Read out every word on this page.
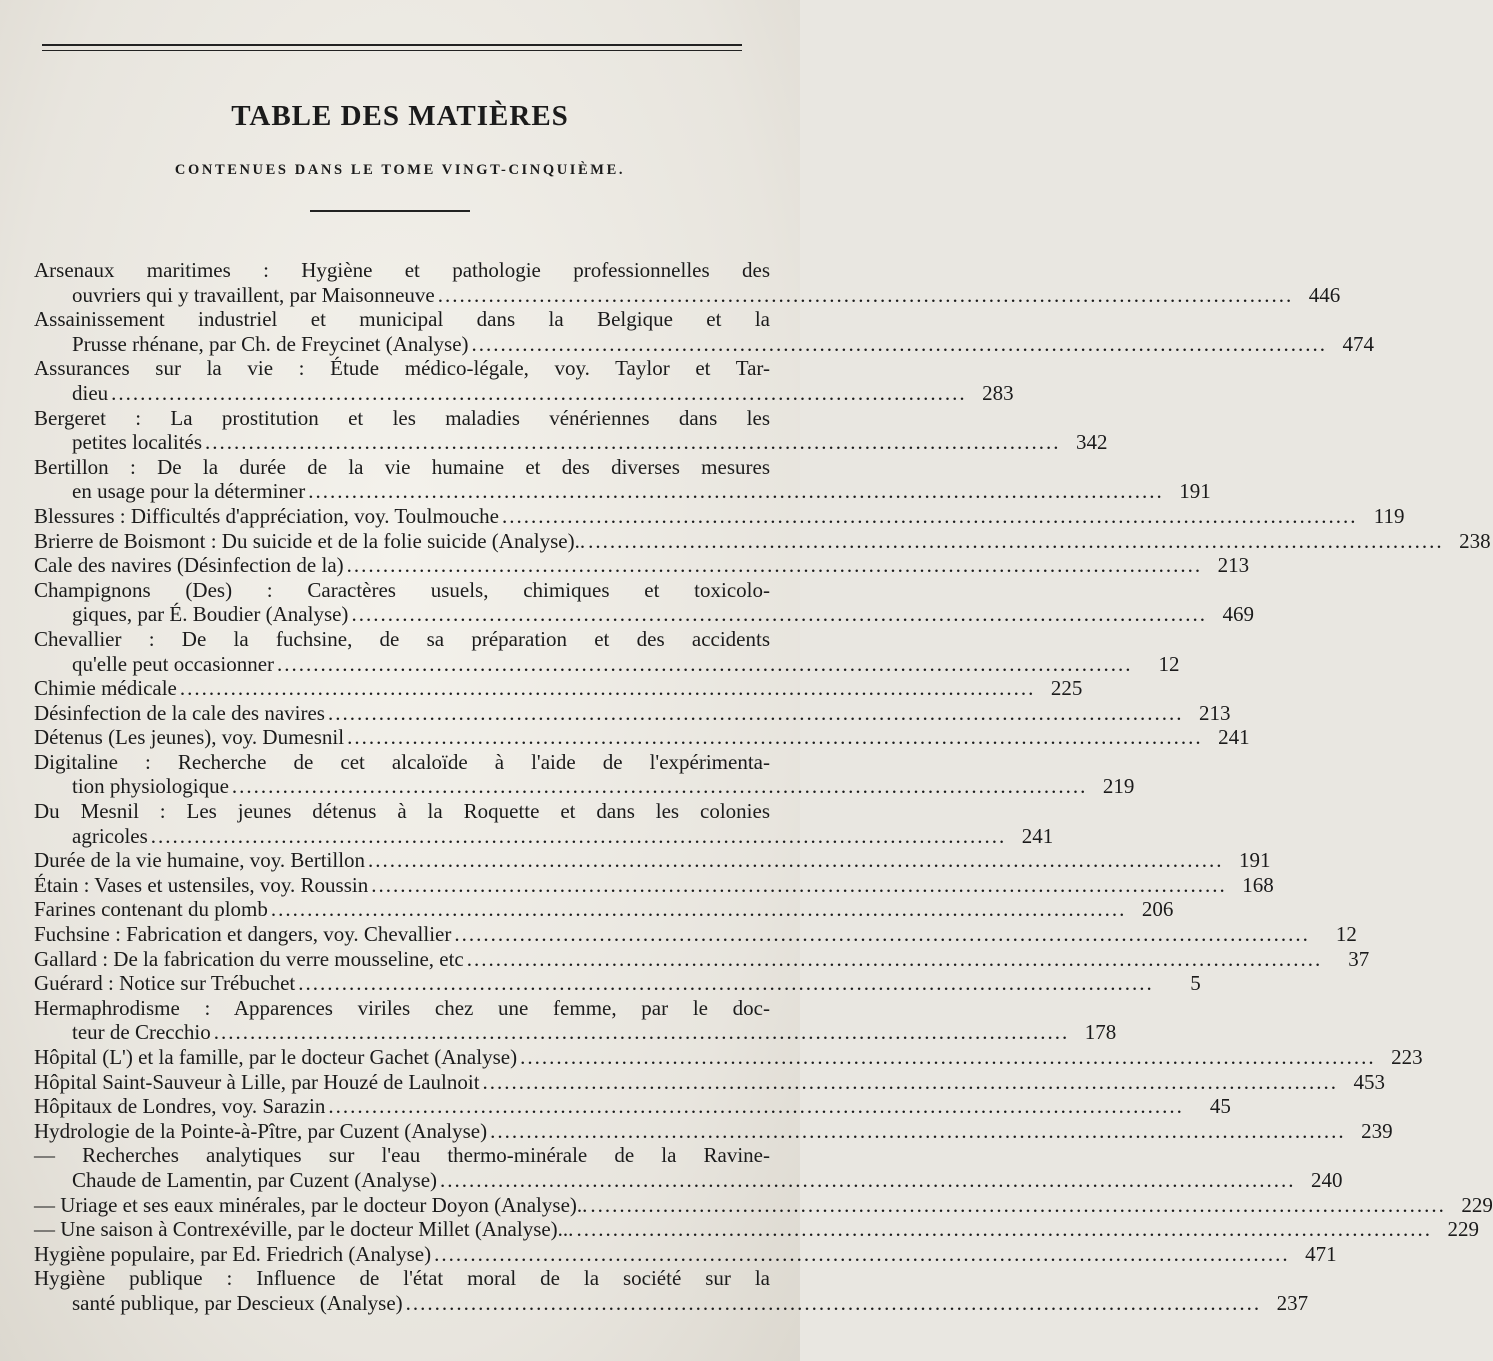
TABLE DES MATIÈRES
CONTENUES DANS LE TOME VINGT-CINQUIÈME.
Arsenaux maritimes : Hygiène et pathologie professionnelles des
ouvriers qui y travaillent, par Maisonneuve ...................................................................................................................... 446
Assainissement industriel et municipal dans la Belgique et la
Prusse rhénane, par Ch. de Freycinet (Analyse) ...................................................................................................................... 474
Assurances sur la vie : Étude médico-légale, voy. Taylor et Tar-
dieu ...................................................................................................................... 283
Bergeret : La prostitution et les maladies vénériennes dans les
petites localités ...................................................................................................................... 342
Bertillon : De la durée de la vie humaine et des diverses mesures
en usage pour la déterminer ...................................................................................................................... 191
Blessures : Difficultés d'appréciation, voy. Toulmouche ...................................................................................................................... 119
Brierre de Boismont : Du suicide et de la folie suicide (Analyse).. ...................................................................................................................... 238
Cale des navires (Désinfection de la) ...................................................................................................................... 213
Champignons (Des) : Caractères usuels, chimiques et toxicolo-
giques, par É. Boudier (Analyse) ...................................................................................................................... 469
Chevallier : De la fuchsine, de sa préparation et des accidents
qu'elle peut occasionner ......................................................................................................................	12
Chimie médicale ...................................................................................................................... 225
Désinfection de la cale des navires ...................................................................................................................... 213
Détenus (Les jeunes), voy. Dumesnil ...................................................................................................................... 241
Digitaline : Recherche de cet alcaloïde à l'aide de l'expérimenta-
tion physiologique ...................................................................................................................... 219
Du Mesnil : Les jeunes détenus à la Roquette et dans les colonies
agricoles ...................................................................................................................... 241
Durée de la vie humaine, voy. Bertillon ...................................................................................................................... 191
Étain : Vases et ustensiles, voy. Roussin ...................................................................................................................... 168
Farines contenant du plomb ...................................................................................................................... 206
Fuchsine : Fabrication et dangers, voy. Chevallier ......................................................................................................................	12
Gallard : De la fabrication du verre mousseline, etc ......................................................................................................................	37
Guérard : Notice sur Trébuchet ......................................................................................................................	5
Hermaphrodisme : Apparences viriles chez une femme, par le doc-
teur de Crecchio ...................................................................................................................... 178
Hôpital (L') et la famille, par le docteur Gachet (Analyse) ...................................................................................................................... 223
Hôpital Saint-Sauveur à Lille, par Houzé de Laulnoit ...................................................................................................................... 453
Hôpitaux de Londres, voy. Sarazin ......................................................................................................................	45
Hydrologie de la Pointe-à-Pître, par Cuzent (Analyse) ...................................................................................................................... 239
— Recherches analytiques sur l'eau thermo-minérale de la Ravine-
Chaude de Lamentin, par Cuzent (Analyse) ...................................................................................................................... 240
— Uriage et ses eaux minérales, par le docteur Doyon (Analyse).. ...................................................................................................................... 229
— Une saison à Contrexéville, par le docteur Millet (Analyse)... ...................................................................................................................... 229
Hygiène populaire, par Ed. Friedrich (Analyse) ...................................................................................................................... 471
Hygiène publique : Influence de l'état moral de la société sur la
santé publique, par Descieux (Analyse) ...................................................................................................................... 237
